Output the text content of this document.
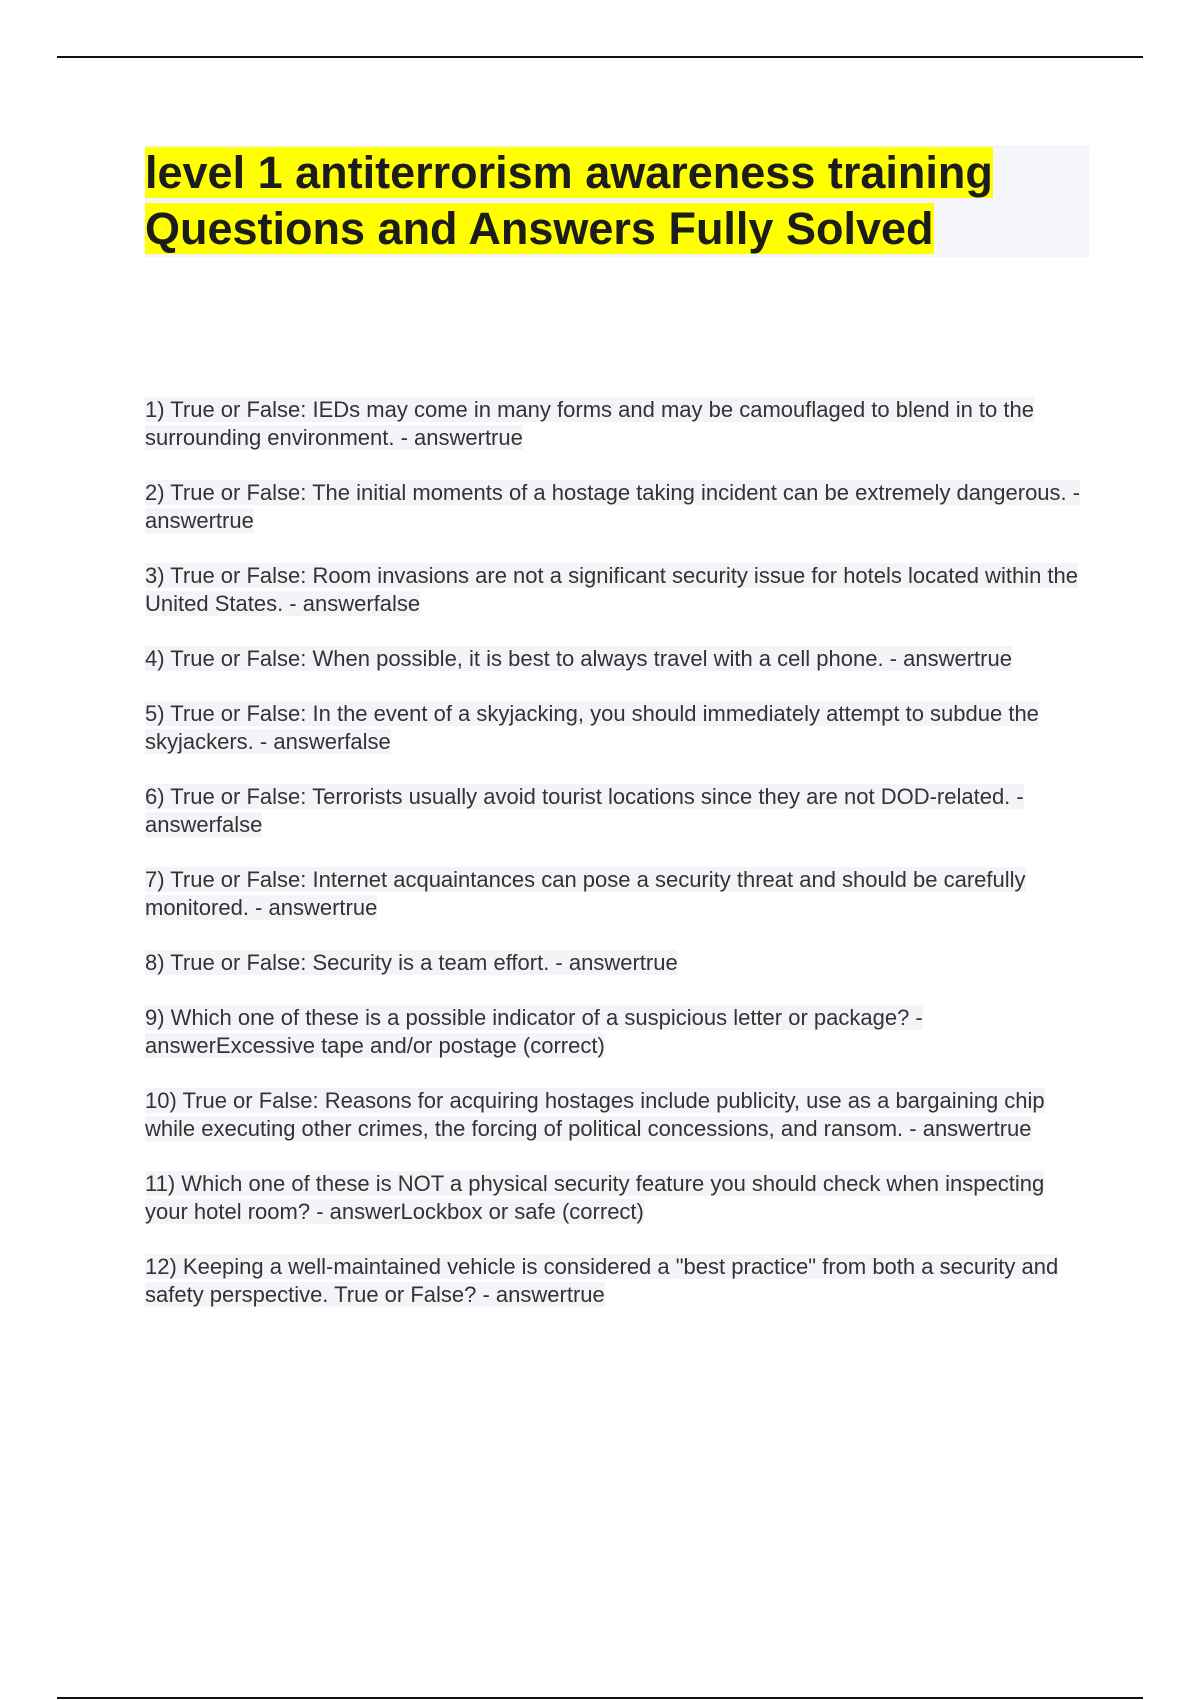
level 1 antiterrorism awareness training
Questions and Answers Fully Solved
1) True or False: IEDs may come in many forms and may be camouflaged to blend in to the surrounding environment. - answertrue
2) True or False: The initial moments of a hostage taking incident can be extremely dangerous. - answertrue
3) True or False: Room invasions are not a significant security issue for hotels located within the United States. - answerfalse
4) True or False: When possible, it is best to always travel with a cell phone. - answertrue
5) True or False: In the event of a skyjacking, you should immediately attempt to subdue the skyjackers. - answerfalse
6) True or False: Terrorists usually avoid tourist locations since they are not DOD-related. - answerfalse
7) True or False: Internet acquaintances can pose a security threat and should be carefully monitored. - answertrue
8) True or False: Security is a team effort. - answertrue
9) Which one of these is a possible indicator of a suspicious letter or package? - answerExcessive tape and/or postage (correct)
10) True or False: Reasons for acquiring hostages include publicity, use as a bargaining chip while executing other crimes, the forcing of political concessions, and ransom. - answertrue
11) Which one of these is NOT a physical security feature you should check when inspecting your hotel room? - answerLockbox or safe (correct)
12) Keeping a well-maintained vehicle is considered a "best practice" from both a security and safety perspective. True or False? - answertrue
